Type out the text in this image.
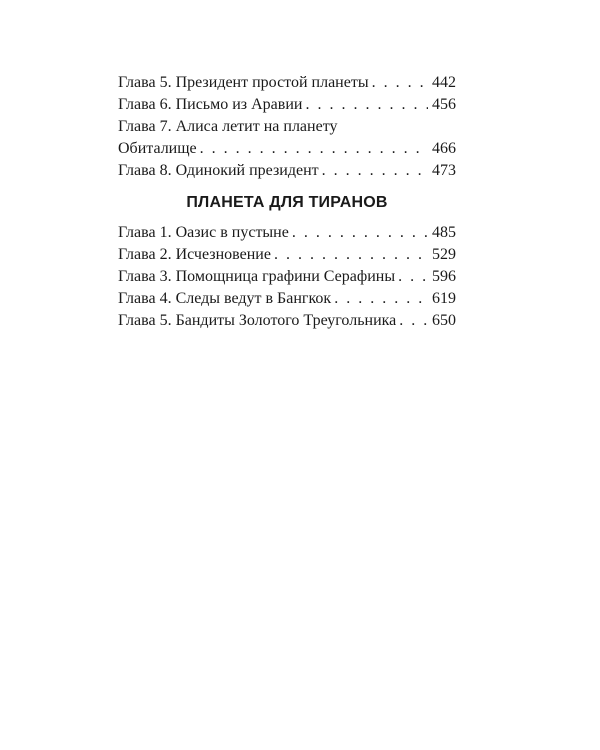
Глава 5. Президент простой планеты . . .	442
Глава 6. Письмо из Аравии . . .	456
Глава 7. Алиса летит на планету
Обиталище . . .	466
Глава 8. Одинокий президент . . .	473
ПЛАНЕТА ДЛЯ ТИРАНОВ
Глава 1. Оазис в пустыне . . .	485
Глава 2. Исчезновение . . .	529
Глава 3. Помощница графини Серафины . . . 596
Глава 4. Следы ведут в Бангкок . . .	619
Глава 5. Бандиты Золотого Треугольника . . . 650
